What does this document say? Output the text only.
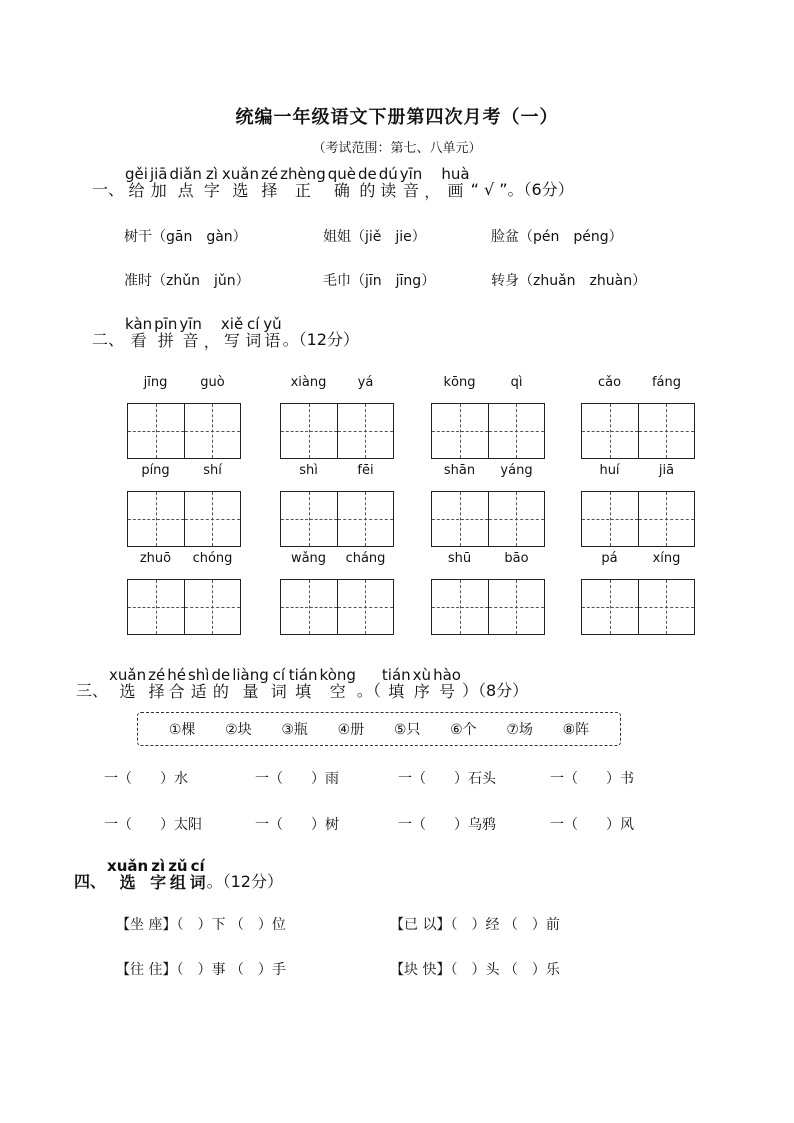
统编一年级语文下册第四次月考（一）
（考试范围：第七、八单元）
一、
gěi
给
jiā
加
diǎn
点
zì
字
xuǎn
选
zé
择
zhèng
正
què
确
de
的
dú
读
yīn
音 ，
huà
画 “ √ ”。（6分）
树干（gān　gàn）	姐姐（jiě　jie）	脸盆（pén　péng）
准时（zhǔn　jǔn）	毛巾（jīn　jīng）	转身（zhuǎn　zhuàn）
二、
kàn
看
pīn
拼
yīn
音 ，
xiě
写
cí
词
yǔ
语 。（12分）
jīng	guò	xiàng	yá	kōng	qì	cǎo	fáng
píng	shí	shì	fēi	shān	yáng	huí	jiā
zhuō	chóng	wǎng	cháng	shū	bāo	pá	xíng
三、
xuǎn
选
zé
择
hé
合
shì
适
de
的
liàng
量
cí
词
tián
填
kòng
空 。（
tián
填
xù
序
hào
号 ）（8分）
①棵 ②块 ③瓶 ④册 ⑤只 ⑥个 ⑦场 ⑧阵
一（　　）水	一（　　）雨	一（　　）石头	一（　　）书
一（　　）太阳	一（　　）树	一（　　）乌鸦	一（　　）风
四、
xuǎn
选
zì
字
zǔ
组
cí
词 。（12分）
【坐 座】（　）下 （　）位	【已 以】（　）经 （　）前
【往 住】（　）事 （　）手	【块 快】（　）头 （　）乐
